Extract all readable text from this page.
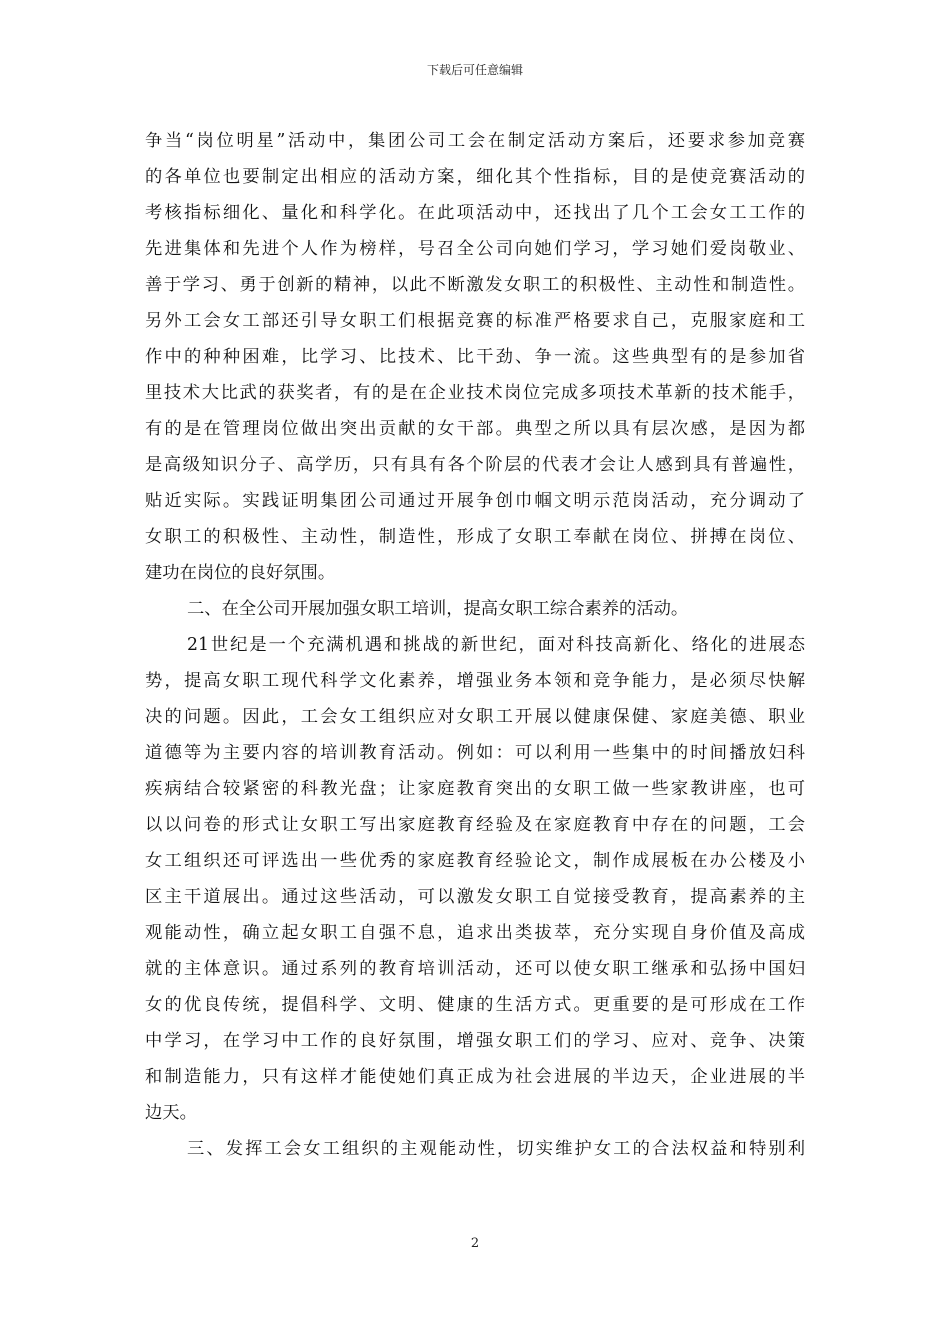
下载后可任意编辑
争当“岗位明星”活动中，集团公司工会在制定活动方案后，还要求参加竞赛
的各单位也要制定出相应的活动方案，细化其个性指标，目的是使竞赛活动的
考核指标细化、量化和科学化。在此项活动中，还找出了几个工会女工工作的
先进集体和先进个人作为榜样，号召全公司向她们学习，学习她们爱岗敬业、
善于学习、勇于创新的精神，以此不断激发女职工的积极性、主动性和制造性。
另外工会女工部还引导女职工们根据竞赛的标准严格要求自己，克服家庭和工
作中的种种困难，比学习、比技术、比干劲、争一流。这些典型有的是参加省
里技术大比武的获奖者，有的是在企业技术岗位完成多项技术革新的技术能手，
有的是在管理岗位做出突出贡献的女干部。典型之所以具有层次感，是因为都
是高级知识分子、高学历，只有具有各个阶层的代表才会让人感到具有普遍性，
贴近实际。实践证明集团公司通过开展争创巾帼文明示范岗活动，充分调动了
女职工的积极性、主动性，制造性，形成了女职工奉献在岗位、拼搏在岗位、
建功在岗位的良好氛围。
二、在全公司开展加强女职工培训，提高女职工综合素养的活动。
21世纪是一个充满机遇和挑战的新世纪，面对科技高新化、络化的进展态
势，提高女职工现代科学文化素养，增强业务本领和竞争能力，是必须尽快解
决的问题。因此，工会女工组织应对女职工开展以健康保健、家庭美德、职业
道德等为主要内容的培训教育活动。例如：可以利用一些集中的时间播放妇科
疾病结合较紧密的科教光盘；让家庭教育突出的女职工做一些家教讲座，也可
以以问卷的形式让女职工写出家庭教育经验及在家庭教育中存在的问题，工会
女工组织还可评选出一些优秀的家庭教育经验论文，制作成展板在办公楼及小
区主干道展出。通过这些活动，可以激发女职工自觉接受教育，提高素养的主
观能动性，确立起女职工自强不息，追求出类拔萃，充分实现自身价值及高成
就的主体意识。通过系列的教育培训活动，还可以使女职工继承和弘扬中国妇
女的优良传统，提倡科学、文明、健康的生活方式。更重要的是可形成在工作
中学习，在学习中工作的良好氛围，增强女职工们的学习、应对、竞争、决策
和制造能力，只有这样才能使她们真正成为社会进展的半边天，企业进展的半
边天。
三、发挥工会女工组织的主观能动性，切实维护女工的合法权益和特别利
2
